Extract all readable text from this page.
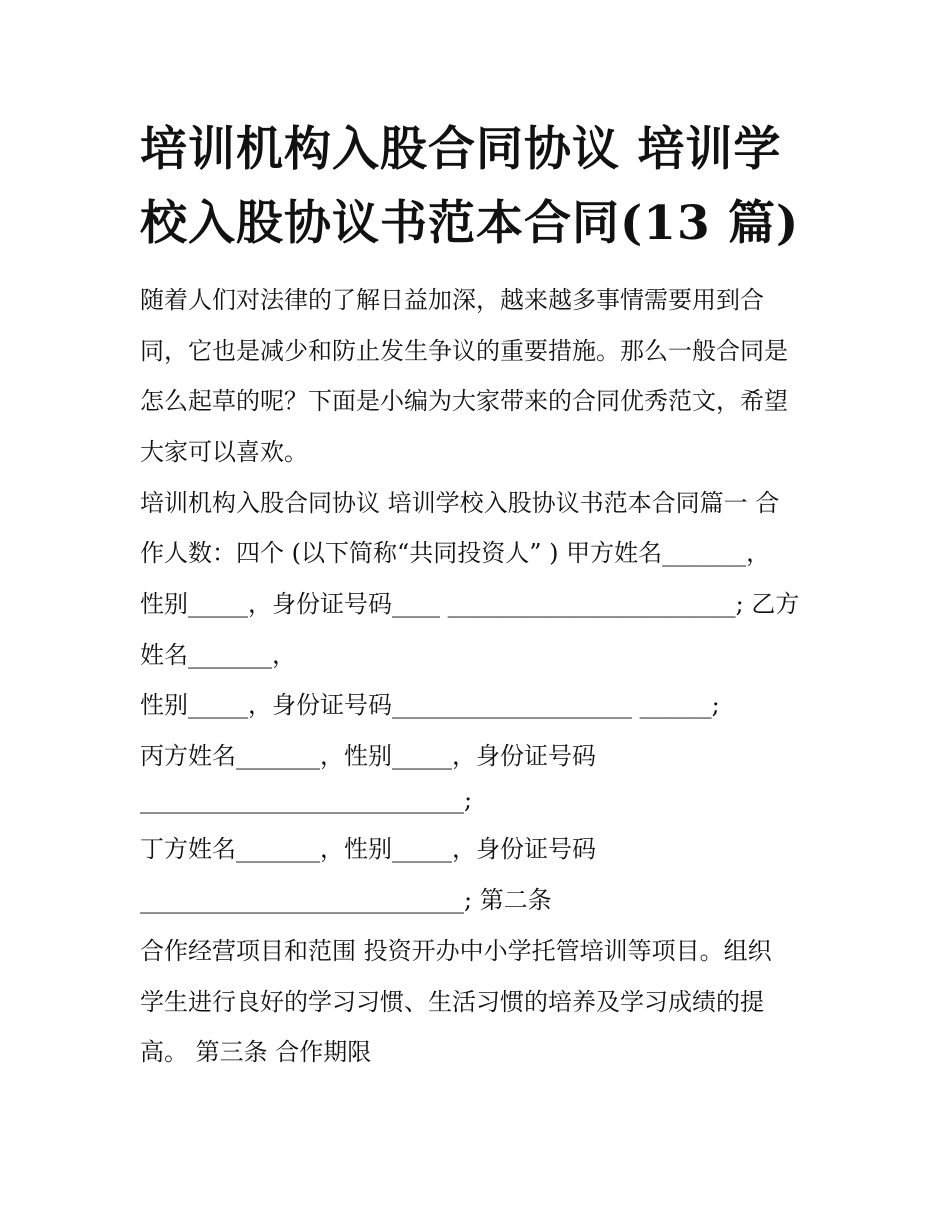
培训机构入股合同协议 培训学
校入股协议书范本合同(13 篇)

随着人们对法律的了解日益加深，越来越多事情需要用到合

同，它也是减少和防止发生争议的重要措施。那么一般合同是

怎么起草的呢？下面是小编为大家带来的合同优秀范文，希望

大家可以喜欢。

培训机构入股合同协议 培训学校入股协议书范本合同篇一 合

作人数：四个 (以下简称“共同投资人” ) 甲方姓名_______，

性别_____，身份证号码____ ________________________; 乙方

姓名_______，

性别_____，身份证号码____________________ ______;

丙方姓名_______，性别_____，身份证号码

___________________________;

丁方姓名_______，性别_____，身份证号码

___________________________; 第二条

合作经营项目和范围 投资开办中小学托管培训等项目。组织

学生进行良好的学习习惯、生活习惯的培养及学习成绩的提

高。 第三条 合作期限
